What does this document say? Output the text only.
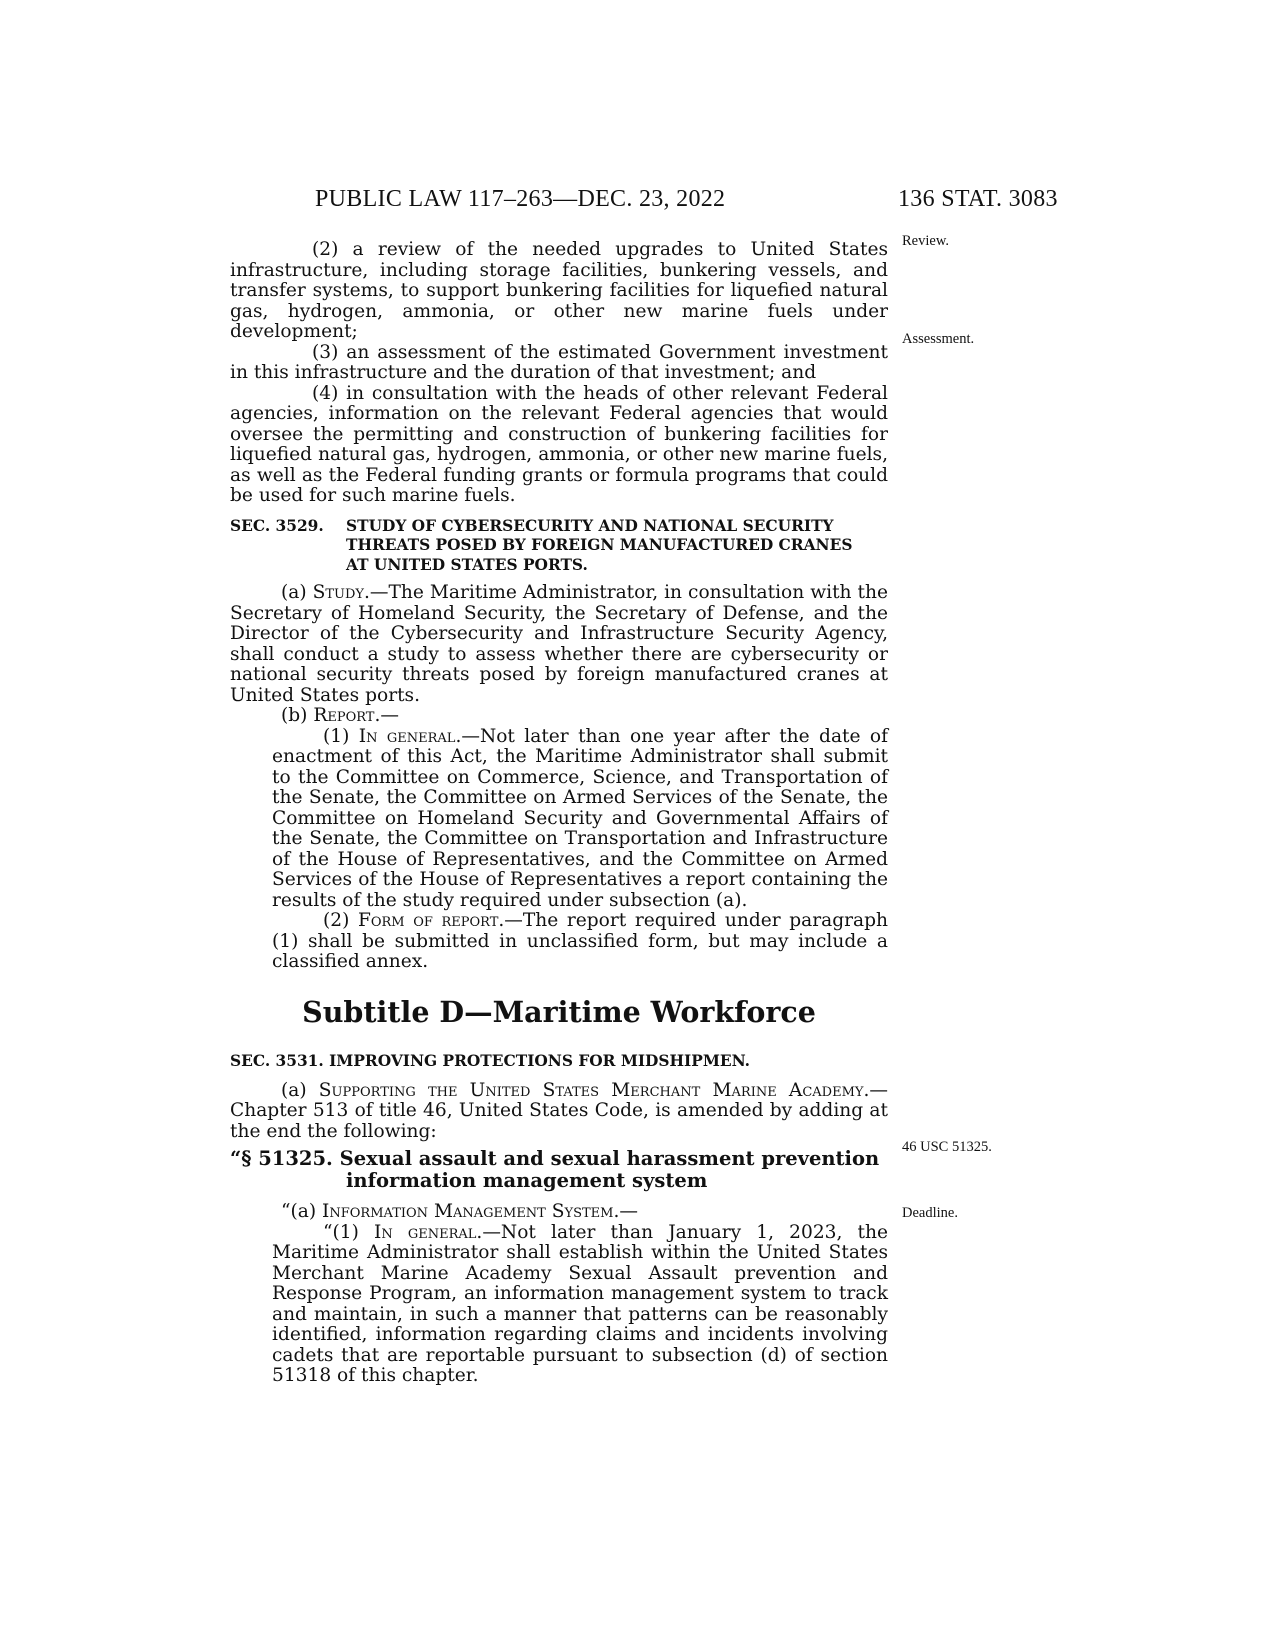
PUBLIC LAW 117–263—DEC. 23, 2022	136 STAT. 3083
Review.
Assessment.
46 USC 51325.
Deadline.

(2) a review of the needed upgrades to United States infrastructure, including storage facilities, bunkering vessels, and transfer systems, to support bunkering facilities for liquefied natural gas, hydrogen, ammonia, or other new marine fuels under development;

(3) an assessment of the estimated Government investment in this infrastructure and the duration of that investment; and

(4) in consultation with the heads of other relevant Federal agencies, information on the relevant Federal agencies that would oversee the permitting and construction of bunkering facilities for liquefied natural gas, hydrogen, ammonia, or other new marine fuels, as well as the Federal funding grants or formula programs that could be used for such marine fuels.

SEC. 3529. STUDY OF CYBERSECURITY AND NATIONAL SECURITY
THREATS POSED BY FOREIGN MANUFACTURED CRANES
AT UNITED STATES PORTS.

(a) Study.—The Maritime Administrator, in consultation with the Secretary of Homeland Security, the Secretary of Defense, and the Director of the Cybersecurity and Infrastructure Security Agency, shall conduct a study to assess whether there are cybersecurity or national security threats posed by foreign manufactured cranes at United States ports.

(b) Report.—

(1) In general.—Not later than one year after the date of enactment of this Act, the Maritime Administrator shall submit to the Committee on Commerce, Science, and Transportation of the Senate, the Committee on Armed Services of the Senate, the Committee on Homeland Security and Governmental Affairs of the Senate, the Committee on Transportation and Infrastructure of the House of Representatives, and the Committee on Armed Services of the House of Representatives a report containing the results of the study required under subsection (a).

(2) Form of report.—The report required under paragraph (1) shall be submitted in unclassified form, but may include a classified annex.

Subtitle D—Maritime Workforce

SEC. 3531. IMPROVING PROTECTIONS FOR MIDSHIPMEN.

(a) Supporting the United States Merchant Marine Academy.—Chapter 513 of title 46, United States Code, is amended by adding at the end the following:

“§ 51325. Sexual assault and sexual harassment prevention
information management system

“(a) Information Management System.—

“(1) In general.—Not later than January 1, 2023, the Maritime Administrator shall establish within the United States Merchant Marine Academy Sexual Assault prevention and Response Program, an information management system to track and maintain, in such a manner that patterns can be reasonably identified, information regarding claims and incidents involving cadets that are reportable pursuant to subsection (d) of section 51318 of this chapter.
